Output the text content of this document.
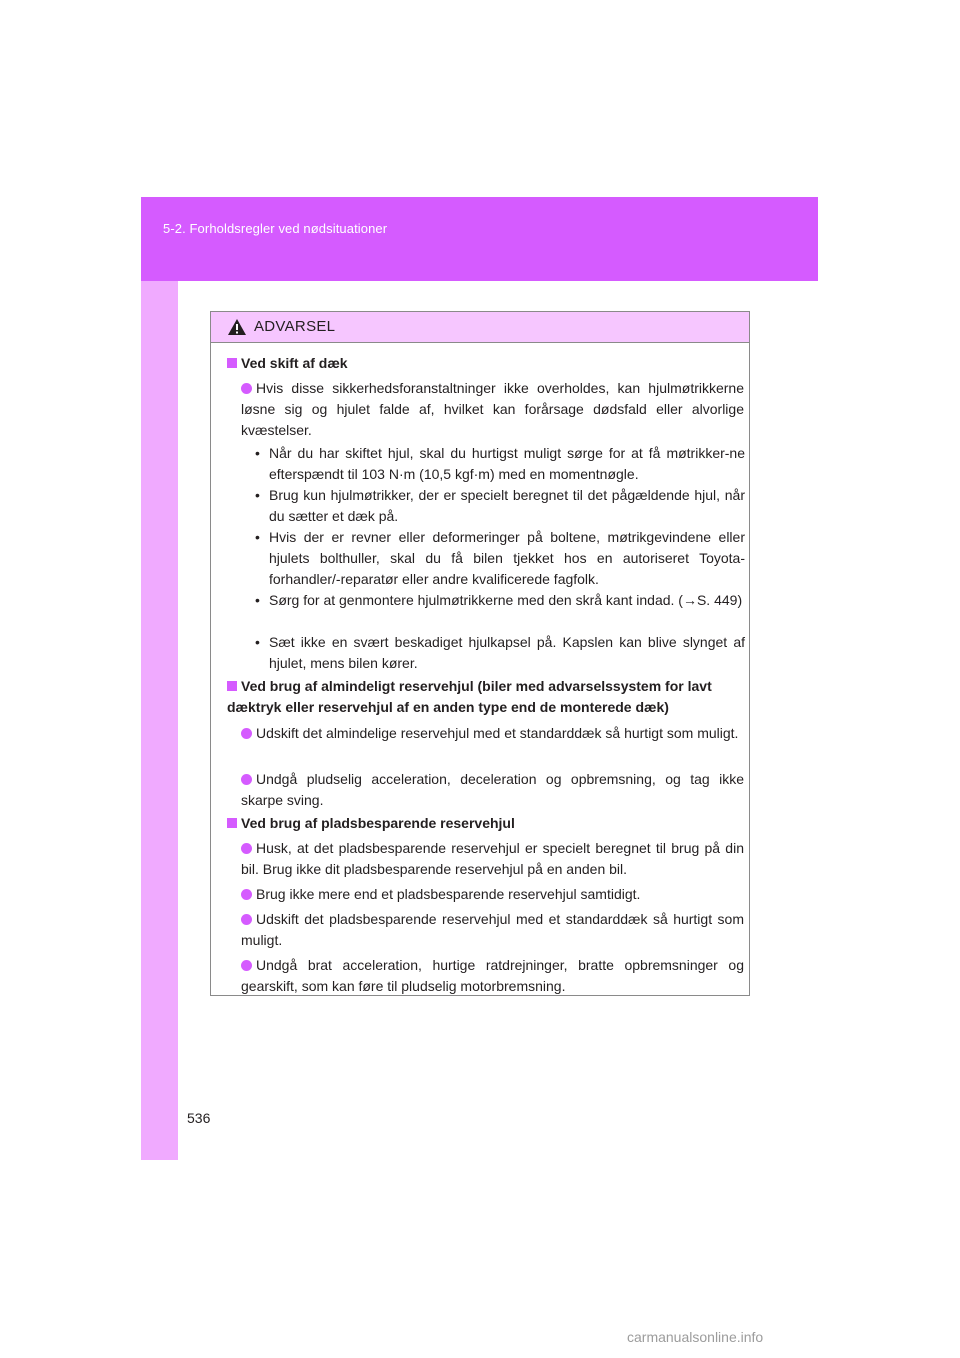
5-2. Forholdsregler ved nødsituationer
ADVARSEL
Ved skift af dæk
Hvis disse sikkerhedsforanstaltninger ikke overholdes, kan hjulmøtrikkerne løsne sig og hjulet falde af, hvilket kan forårsage dødsfald eller alvorlige kvæstelser.
• Når du har skiftet hjul, skal du hurtigst muligt sørge for at få møtrikker-ne efterspændt til 103 N·m (10,5 kgf·m) med en momentnøgle.
• Brug kun hjulmøtrikker, der er specielt beregnet til det pågældende hjul, når du sætter et dæk på.
• Hvis der er revner eller deformeringer på boltene, møtrikgevindene eller hjulets bolthuller, skal du få bilen tjekket hos en autoriseret Toyota-forhandler/-reparatør eller andre kvalificerede fagfolk.
• Sørg for at genmontere hjulmøtrikkerne med den skrå kant indad. (→S. 449)
• Sæt ikke en svært beskadiget hjulkapsel på. Kapslen kan blive slynget af hjulet, mens bilen kører.
Ved brug af almindeligt reservehjul (biler med advarselssystem for lavt dæktryk eller reservehjul af en anden type end de monterede dæk)
Udskift det almindelige reservehjul med et standarddæk så hurtigt som muligt.
Undgå pludselig acceleration, deceleration og opbremsning, og tag ikke skarpe sving.
Ved brug af pladsbesparende reservehjul
Husk, at det pladsbesparende reservehjul er specielt beregnet til brug på din bil. Brug ikke dit pladsbesparende reservehjul på en anden bil.
Brug ikke mere end et pladsbesparende reservehjul samtidigt.
Udskift det pladsbesparende reservehjul med et standarddæk så hurtigt som muligt.
Undgå brat acceleration, hurtige ratdrejninger, bratte opbremsninger og gearskift, som kan føre til pludselig motorbremsning.
536
carmanualsonline.info
